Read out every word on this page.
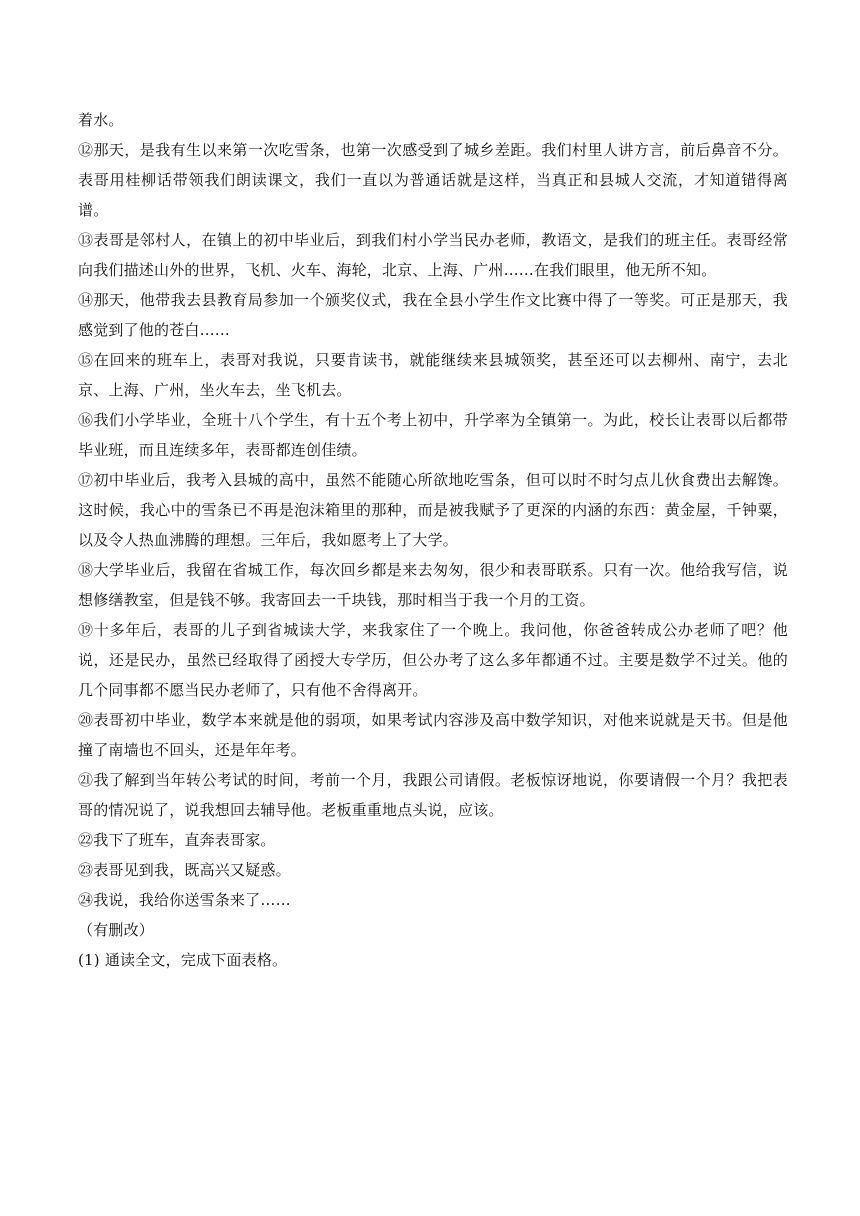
着水。

⑫那天，是我有生以来第一次吃雪条，也第一次感受到了城乡差距。我们村里人讲方言，前后鼻音不分。表哥用桂柳话带领我们朗读课文，我们一直以为普通话就是这样，当真正和县城人交流，才知道错得离谱。

⑬表哥是邻村人，在镇上的初中毕业后，到我们村小学当民办老师，教语文，是我们的班主任。表哥经常向我们描述山外的世界，飞机、火车、海轮，北京、上海、广州……在我们眼里，他无所不知。

⑭那天，他带我去县教育局参加一个颁奖仪式，我在全县小学生作文比赛中得了一等奖。可正是那天，我感觉到了他的苍白……

⑮在回来的班车上，表哥对我说，只要肯读书，就能继续来县城领奖，甚至还可以去柳州、南宁，去北京、上海、广州，坐火车去，坐飞机去。

⑯我们小学毕业，全班十八个学生，有十五个考上初中，升学率为全镇第一。为此，校长让表哥以后都带毕业班，而且连续多年，表哥都连创佳绩。

⑰初中毕业后，我考入县城的高中，虽然不能随心所欲地吃雪条，但可以时不时匀点儿伙食费出去解馋。这时候，我心中的雪条已不再是泡沫箱里的那种，而是被我赋予了更深的内涵的东西：黄金屋，千钟粟，以及令人热血沸腾的理想。三年后，我如愿考上了大学。

⑱大学毕业后，我留在省城工作，每次回乡都是来去匆匆，很少和表哥联系。只有一次。他给我写信，说想修缮教室，但是钱不够。我寄回去一千块钱，那时相当于我一个月的工资。

⑲十多年后，表哥的儿子到省城读大学，来我家住了一个晚上。我问他，你爸爸转成公办老师了吧？他说，还是民办，虽然已经取得了函授大专学历，但公办考了这么多年都通不过。主要是数学不过关。他的几个同事都不愿当民办老师了，只有他不舍得离开。

⑳表哥初中毕业，数学本来就是他的弱项，如果考试内容涉及高中数学知识，对他来说就是天书。但是他撞了南墙也不回头，还是年年考。

㉑我了解到当年转公考试的时间，考前一个月，我跟公司请假。老板惊讶地说，你要请假一个月？我把表哥的情况说了，说我想回去辅导他。老板重重地点头说，应该。

㉒我下了班车，直奔表哥家。

㉓表哥见到我，既高兴又疑惑。

㉔我说，我给你送雪条来了……

（有删改）

(1) 通读全文，完成下面表格。
